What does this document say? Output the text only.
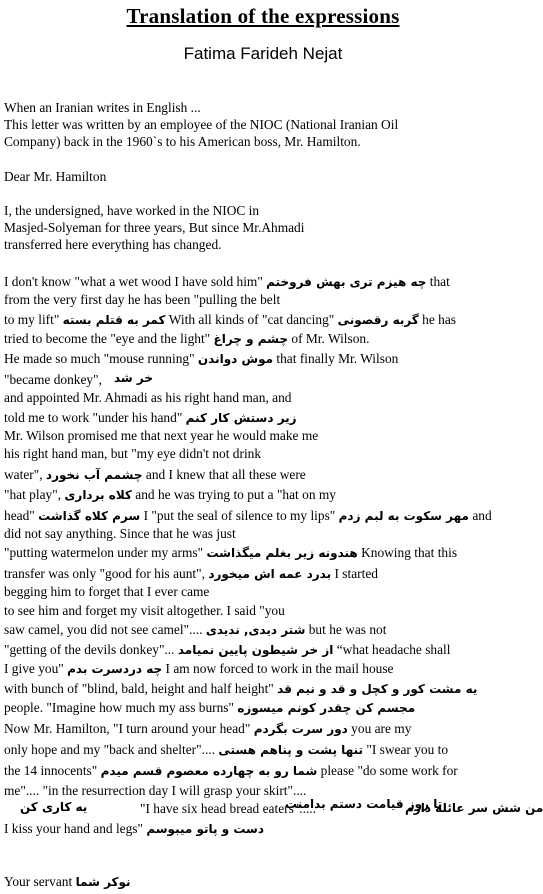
Translation of the expressions
Fatima Farideh Nejat
When an Iranian writes in English ...
This letter was written by an employee of the NIOC (National Iranian Oil
Company) back in the 1960`s to his American boss, Mr. Hamilton.
Dear Mr. Hamilton
I, the undersigned, have worked in the NIOC in
Masjed-Solyeman for three years, But since Mr.Ahmadi
transferred here everything has changed.
I don't know "what a wet wood I have sold him" چه هیزم تری بهش فروختم that
from the very first day he has been "pulling the belt
to my lift" کمر به قتلم بسته With all kinds of "cat dancing" گربه رقصونی he has
tried to become the "eye and the light" چشم و چراغ of Mr. Wilson.
He made so much "mouse running" موش دواندن that finally Mr. Wilson
"became donkey", خر شد
and appointed Mr. Ahmadi as his right hand man, and
told me to work "under his hand" زیر دستش کار کنم
Mr. Wilson promised me that next year he would make me
his right hand man, but "my eye didn't not drink
water", چشمم آب نخورد and I knew that all these were
"hat play", کلاه برداری and he was trying to put a "hat on my
head" سرم کلاه گذاشت I "put the seal of silence to my lips" مهر سکوت به لبم زدم and
did not say anything. Since that he was just
"putting watermelon under my arms" هندونه زیر بغلم میگذاشت Knowing that this
transfer was only "good for his aunt", بدرد عمه اش میخورد I started
begging him to forget that I ever came
to see him and forget my visit altogether. I said "you
saw camel, you did not see camel".... شتر دیدی, ندیدی but he was not
"getting of the devils donkey"... از خر شیطون پایین نمیامد “what headache shall
I give you" چه دردسرت بدم I am now forced to work in the mail house
with bunch of "blind, bald, height and half height" یه مشت کور و کچل و قد و نیم قد
people. "Imagine how much my ass burns" مجسم کن چقدر کونم میسوزه
Now Mr. Hamilton, "I turn around your head" دور سرت بگردم you are my
only hope and my "back and shelter".... تنها پشت و پناهم هستی "I swear you to
the 14 innocents" شما رو به چهارده معصوم قسم میدم please "do some work for
me".... "in the resurrection day I will grasp your skirt"....
یه کاری کن	"I have six head bread eaters".....
تا روز قیامت دستم بدامنت
من شش سر عائله دارم
I kiss your hand and legs" دست و پاتو میبوسم
Your servant نوکر شما
